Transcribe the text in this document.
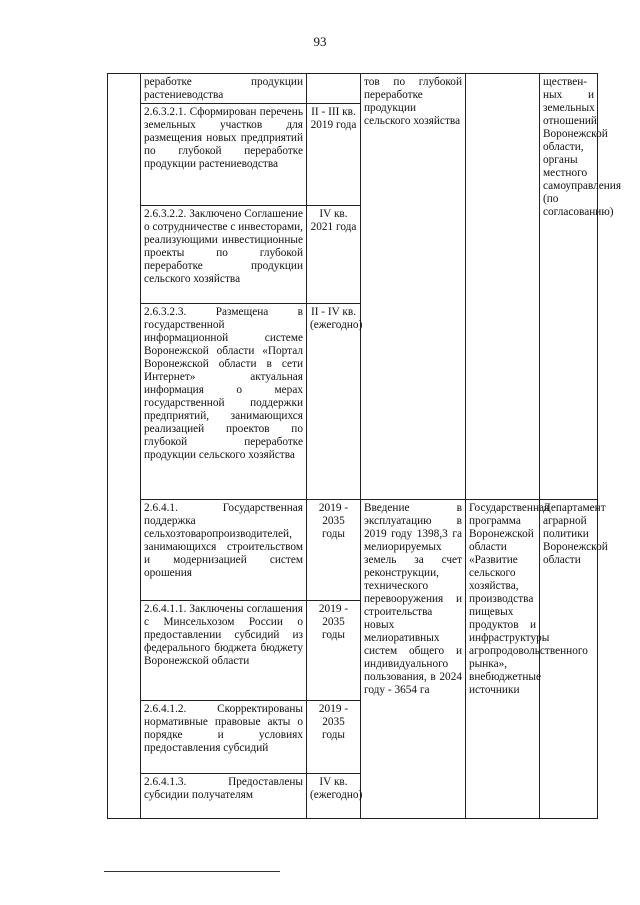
93
	реработке продукции растениеводства		тов по глубокой переработке продукции сельского хозяйства		ществен-ных и земельных отношений Воронежской области, органы местного самоуправления (по согласованию)
	2.6.3.2.1. Сформирован перечень земельных участков для размещения новых предприятий по глубокой переработке продукции растениеводства	II - III кв. 2019 года			
	2.6.3.2.2. Заключено Соглашение о сотрудничестве с инвесторами, реализующими инвестиционные проекты по глубокой переработке продукции сельского хозяйства	IV кв. 2021 года			
	2.6.3.2.3. Размещена в государственной информационной системе Воронежской области «Портал Воронежской области в сети Интернет» актуальная информация о мерах государственной поддержки предприятий, занимающихся реализацией проектов по глубокой переработке продукции сельского хозяйства	II - IV кв. (ежегодно)			
	2.6.4.1. Государственная поддержка сельхозтоваропроизводителей, занимающихся строительством и модернизацией систем орошения	2019 - 2035 годы	Введение в эксплуатацию в 2019 году 1398,3 га мелиорируемых земель за счет реконструкции, технического перевооружения и строительства новых мелиоративных систем общего и индивидуального пользования, в 2024 году - 3654 га	Государственная программа Воронежской области «Развитие сельского хозяйства, производства пищевых продуктов и инфраструктуры агропродовольственного рынка», внебюджетные источники	Департамент аграрной политики Воронежской области
	2.6.4.1.1. Заключены соглашения с Минсельхозом России о предоставлении субсидий из федерального бюджета бюджету Воронежской области	2019 - 2035 годы			
	2.6.4.1.2. Скорректированы нормативные правовые акты о порядке и условиях предоставления субсидий	2019 - 2035 годы			
	2.6.4.1.3. Предоставлены субсидии получателям	IV кв. (ежегодно)			
